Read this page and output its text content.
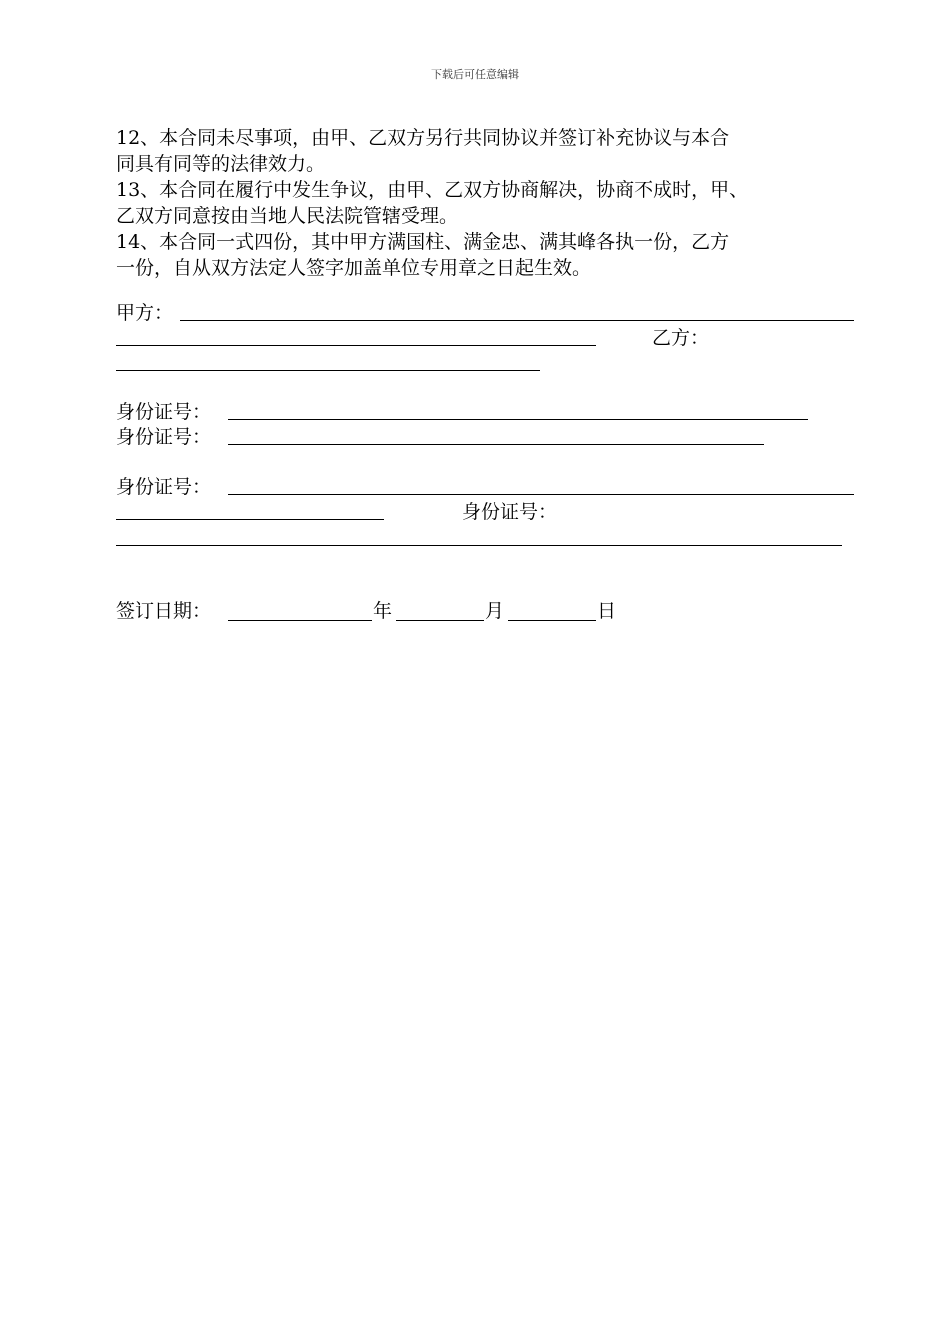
下载后可任意编辑
12、本合同未尽事项，由甲、乙双方另行共同协议并签订补充协议与本合
同具有同等的法律效力。
13、本合同在履行中发生争议，由甲、乙双方协商解决，协商不成时，甲、
乙双方同意按由当地人民法院管辖受理。
14、本合同一式四份，其中甲方满国柱、满金忠、满其峰各执一份，乙方
一份，自从双方法定人签字加盖单位专用章之日起生效。
甲方：
乙方：
身份证号：
身份证号：
身份证号：
身份证号：
签订日期：	年	月	日
